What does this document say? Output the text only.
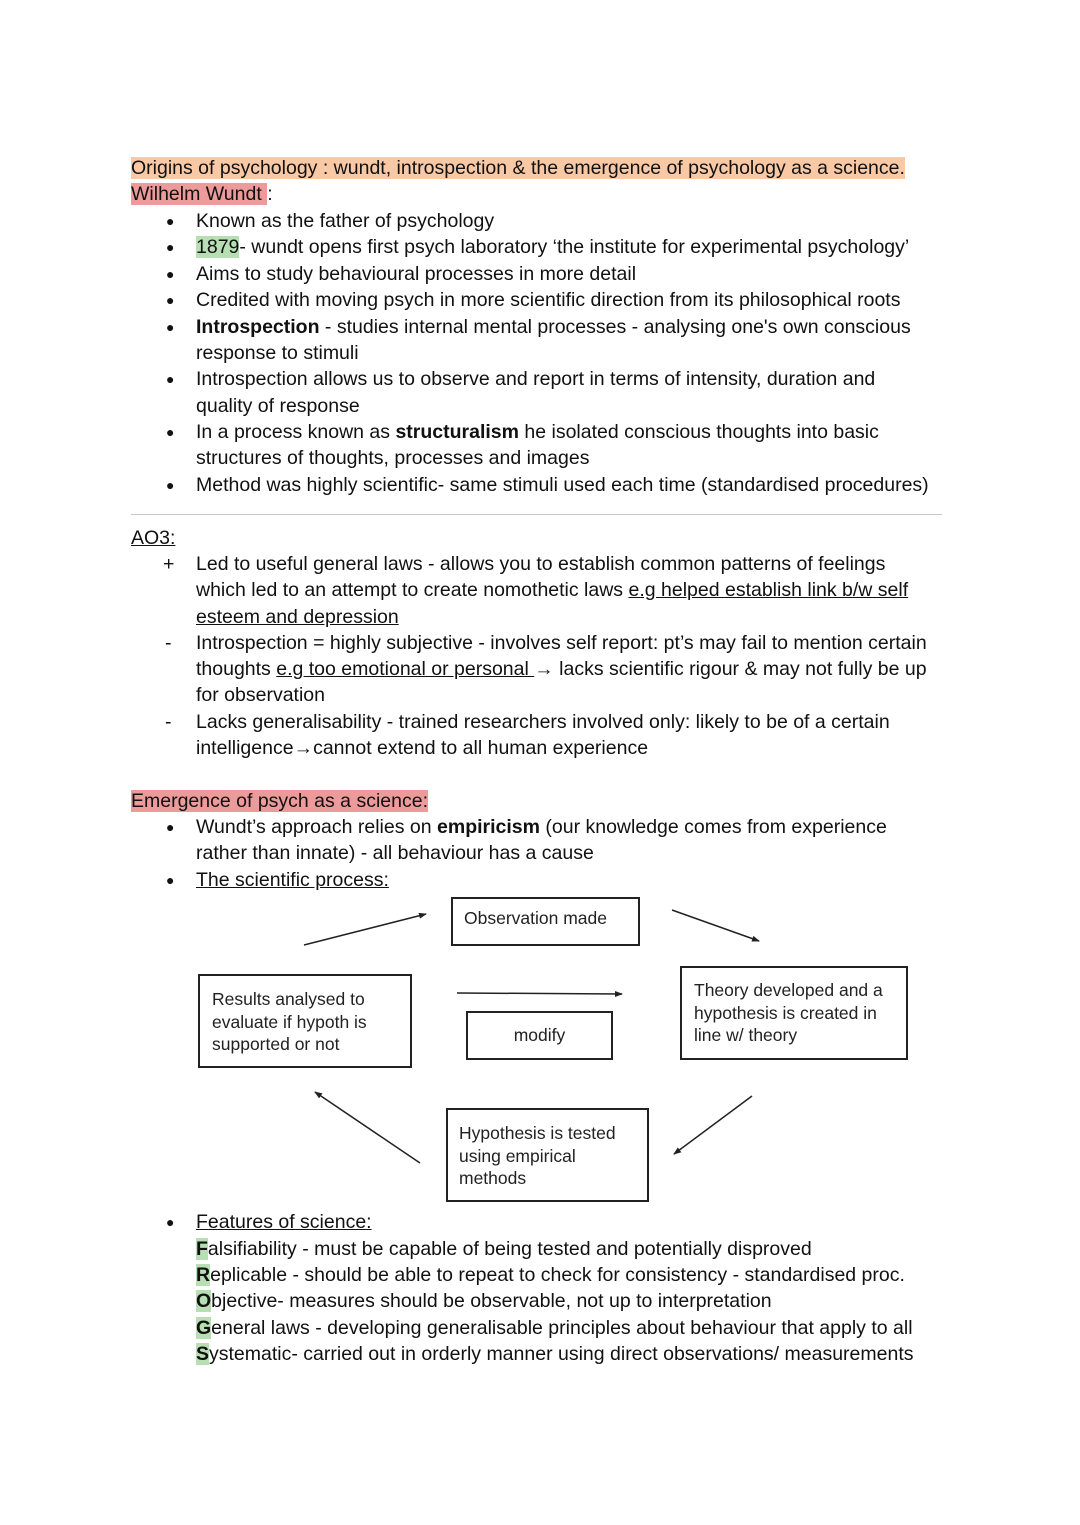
Origins of psychology : wundt, introspection & the emergence of psychology as a science.
Wilhelm Wundt :
● Known as the father of psychology
● 1879- wundt opens first psych laboratory ‘the institute for experimental psychology’
● Aims to study behavioural processes in more detail
● Credited with moving psych in more scientific direction from its philosophical roots
● Introspection - studies internal mental processes - analysing one's own conscious
response to stimuli
● Introspection allows us to observe and report in terms of intensity, duration and
quality of response
● In a process known as structuralism he isolated conscious thoughts into basic
structures of thoughts, processes and images
● Method was highly scientific- same stimuli used each time (standardised procedures)
AO3:
+ Led to useful general laws - allows you to establish common patterns of feelings
which led to an attempt to create nomothetic laws e.g helped establish link b/w self
esteem and depression
- Introspection = highly subjective - involves self report: pt’s may fail to mention certain
thoughts e.g too emotional or personal → lacks scientific rigour & may not fully be up
for observation
- Lacks generalisability - trained researchers involved only: likely to be of a certain
intelligence→cannot extend to all human experience
Emergence of psych as a science:
● Wundt’s approach relies on empiricism (our knowledge comes from experience
rather than innate) - all behaviour has a cause
● The scientific process:
Observation made
Results analysed to evaluate if hypoth is supported or not	modify
Theory developed and a hypothesis is created in line w/ theory
Hypothesis is tested using empirical methods
● Features of science:
Falsifiability - must be capable of being tested and potentially disproved
Replicable - should be able to repeat to check for consistency - standardised proc.
Objective- measures should be observable, not up to interpretation
General laws - developing generalisable principles about behaviour that apply to all
Systematic- carried out in orderly manner using direct observations/ measurements
